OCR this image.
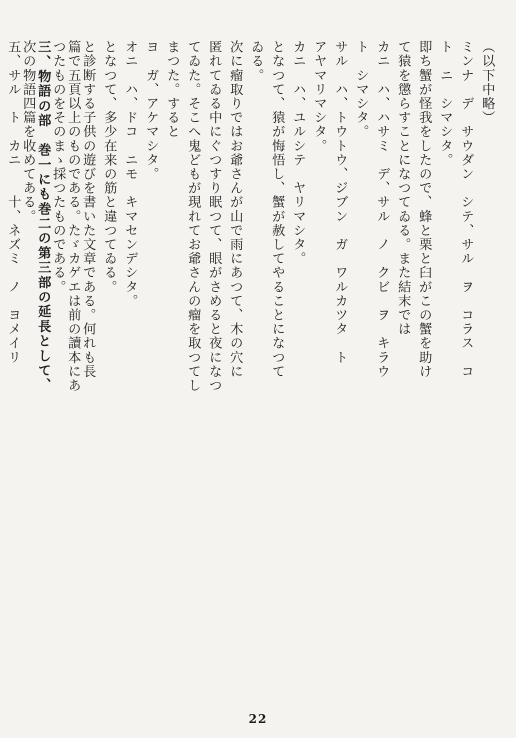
（以下中略）
ミンナ　デ　サウダン　シテ、サル　ヲ　コラス　コ
ト　ニ　シマシタ。
即ち蟹が怪我をしたので、蜂と栗と臼がこの蟹を助け
て猿を懲らすことになつてゐる。また結末では
カニ　ハ、ハサミ　デ、サル　ノ　クビ　ヲ　キラウ
ト　シマシタ。
サル　ハ、トウトウ、ジブン　ガ　ワルカツタ　ト
アヤマリマシタ。
カニ　ハ、ユルシテ　ヤリマシタ。
となつて、猿が悔悟し、蟹が赦してやることになつて
ゐる。
次に瘤取りではお爺さんが山で雨にあつて、木の穴に
匿れてゐる中にぐつすり眠つて、眼がさめると夜になつ
てゐた。そこへ鬼どもが現れてお爺さんの瘤を取つてし
まつた。すると
ヨ　ガ、アケマシタ。
オニ　ハ、ドコ　ニモ　キマセンデシタ。
となつて、多少在来の筋と違つてゐる。
と診断する子供の遊びを書いた文章である。何れも長
篇で五頁以上のものである。たゞカゲエは前の讀本にあ
つたものをそのまゝ採つたものである。
三、物語の部　巻一にも巻二の第三部の延長として、
次の物語四篇を收めてある。
五、サル　ト　カニ　　十、ネズミ　ノ　ヨメイリ
22
